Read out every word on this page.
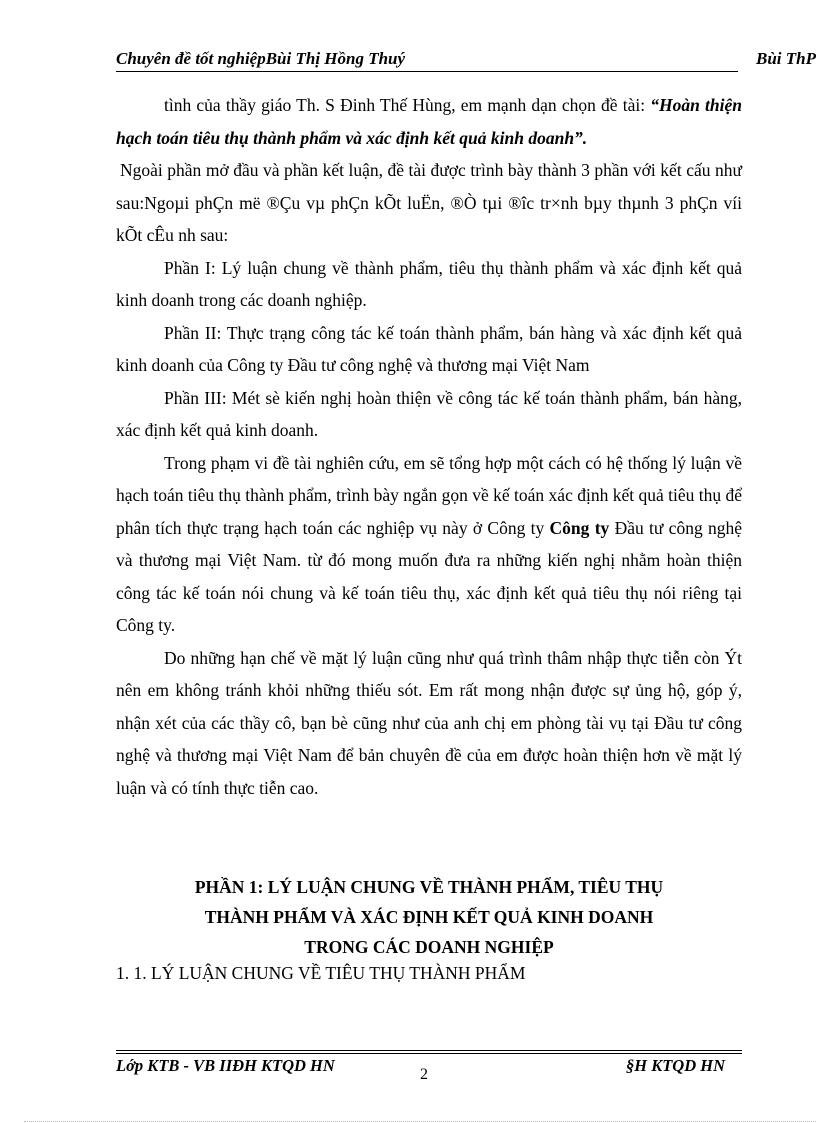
Chuyên đề tốt nghiệpBùi Thị Hồng Thuý	Bùi ThP

tình của thầy giáo Th. S Đinh Thế Hùng, em mạnh dạn chọn đề tài: “Hoàn thiện hạch toán tiêu thụ thành phẩm và xác định kết quả kinh doanh”.

Ngoài phần mở đầu và phần kết luận, đề tài được trình bày thành 3 phần với kết cấu như sau:Ngoµi phÇn më ®Çu vµ phÇn kÕt luËn, ®Ò tµi ®îc tr×nh bµy thµnh 3 phÇn víi kÕt cÊu nh sau:

Phần I: Lý luận chung về thành phẩm, tiêu thụ thành phẩm và xác định kết quả kinh doanh trong các doanh nghiệp.

Phần II: Thực trạng công tác kế toán thành phẩm, bán hàng và xác định kết quả kinh doanh của Công ty Đầu tư công nghệ và thương mại Việt Nam

Phần III: Mét sè kiến nghị hoàn thiện về công tác kế toán thành phẩm, bán hàng, xác định kết quả kinh doanh.

Trong phạm vi đề tài nghiên cứu, em sẽ tổng hợp một cách có hệ thống lý luận về hạch toán tiêu thụ thành phẩm, trình bày ngắn gọn về kế toán xác định kết quả tiêu thụ để phân tích thực trạng hạch toán các nghiệp vụ này ở Công ty Công ty Đầu tư công nghệ và thương mại Việt Nam. từ đó mong muốn đưa ra những kiến nghị nhằm hoàn thiện công tác kế toán nói chung và kế toán tiêu thụ, xác định kết quả tiêu thụ nói riêng tại Công ty.

Do những hạn chế về mặt lý luận cũng như quá trình thâm nhập thực tiễn còn Ýt nên em không tránh khỏi những thiếu sót. Em rất mong nhận được sự ủng hộ, góp ý, nhận xét của các thầy cô, bạn bè cũng như của anh chị em phòng tài vụ tại Đầu tư công nghệ và thương mại Việt Nam để bản chuyên đề của em được hoàn thiện hơn về mặt lý luận và có tính thực tiễn cao.

PHẦN 1: LÝ LUẬN CHUNG VỀ THÀNH PHẨM, TIÊU THỤ
THÀNH PHẨM VÀ XÁC ĐỊNH KẾT QUẢ KINH DOANH
TRONG CÁC DOANH NGHIỆP
1. 1. LÝ LUẬN CHUNG VỀ TIÊU THỤ THÀNH PHẨM
Lớp KTB - VB IIĐH KTQD HN	§H KTQD HN
2
